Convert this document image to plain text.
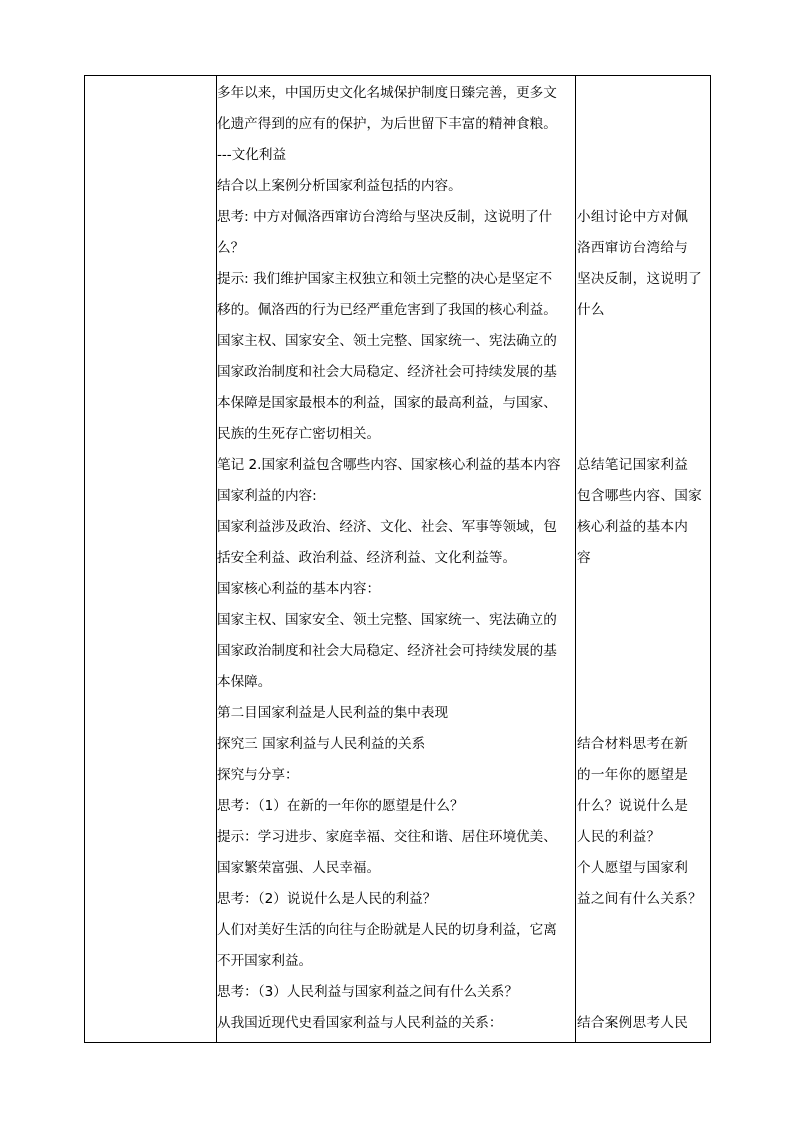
多年以来，中国历史文化名城保护制度日臻完善，更多文
化遗产得到的应有的保护，为后世留下丰富的精神食粮。
---文化利益
结合以上案例分析国家利益包括的内容。
思考: 中方对佩洛西窜访台湾给与坚决反制，这说明了什
么？
提示: 我们维护国家主权独立和领土完整的决心是坚定不
移的。佩洛西的行为已经严重危害到了我国的核心利益。
国家主权、国家安全、领土完整、国家统一、宪法确立的
国家政治制度和社会大局稳定、经济社会可持续发展的基
本保障是国家最根本的利益，国家的最高利益，与国家、
民族的生死存亡密切相关。
笔记 2.国家利益包含哪些内容、国家核心利益的基本内容
国家利益的内容:
国家利益涉及政治、经济、文化、社会、军事等领域，包
括安全利益、政治利益、经济利益、文化利益等。
国家核心利益的基本内容：
国家主权、国家安全、领土完整、国家统一、宪法确立的
国家政治制度和社会大局稳定、经济社会可持续发展的基
本保障。
第二目国家利益是人民利益的集中表现
探究三 国家利益与人民利益的关系
探究与分享：
思考：（1）在新的一年你的愿望是什么？
提示：学习进步、家庭幸福、交往和谐、居住环境优美、
国家繁荣富强、人民幸福。
思考：（2）说说什么是人民的利益？
人们对美好生活的向往与企盼就是人民的切身利益，它离
不开国家利益。
思考：（3）人民利益与国家利益之间有什么关系？
从我国近现代史看国家利益与人民利益的关系：
小组讨论中方对佩
洛西窜访台湾给与
坚决反制，这说明了
什么
总结笔记国家利益
包含哪些内容、国家
核心利益的基本内
容
结合材料思考在新
的一年你的愿望是
什么？说说什么是
人民的利益？
个人愿望与国家利
益之间有什么关系？
结合案例思考人民
